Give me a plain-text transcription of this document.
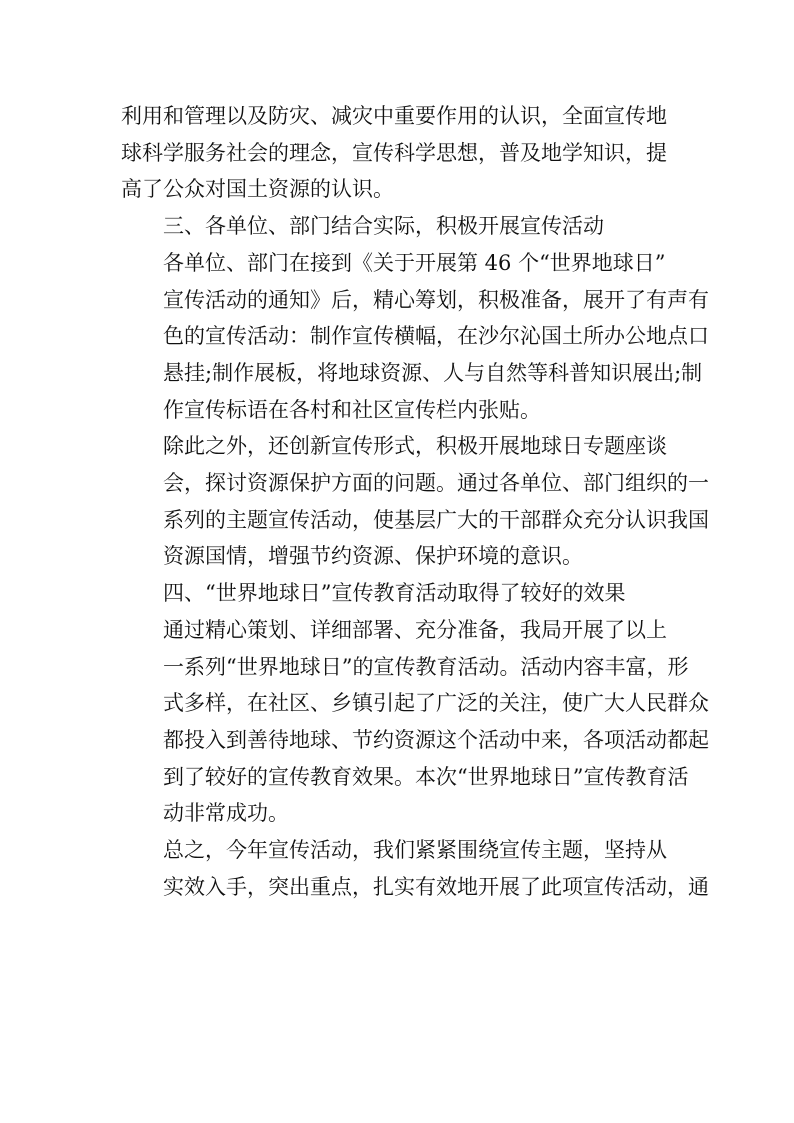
利用和管理以及防灾、减灾中重要作用的认识，全面宣传地
球科学服务社会的理念，宣传科学思想，普及地学知识，提
高了公众对国土资源的认识。

三、各单位、部门结合实际，积极开展宣传活动

各单位、部门在接到《关于开展第 46 个“世界地球日”
宣传活动的通知》后，精心筹划，积极准备，展开了有声有
色的宣传活动：制作宣传横幅，在沙尔沁国土所办公地点口
悬挂;制作展板，将地球资源、人与自然等科普知识展出;制
作宣传标语在各村和社区宣传栏内张贴。

除此之外，还创新宣传形式，积极开展地球日专题座谈
会，探讨资源保护方面的问题。通过各单位、部门组织的一
系列的主题宣传活动，使基层广大的干部群众充分认识我国
资源国情，增强节约资源、保护环境的意识。

四、“世界地球日”宣传教育活动取得了较好的效果

通过精心策划、详细部署、充分准备，我局开展了以上
一系列“世界地球日”的宣传教育活动。活动内容丰富，形
式多样，在社区、乡镇引起了广泛的关注，使广大人民群众
都投入到善待地球、节约资源这个活动中来，各项活动都起
到了较好的宣传教育效果。本次“世界地球日”宣传教育活
动非常成功。

总之，今年宣传活动，我们紧紧围绕宣传主题，坚持从
实效入手，突出重点，扎实有效地开展了此项宣传活动，通
